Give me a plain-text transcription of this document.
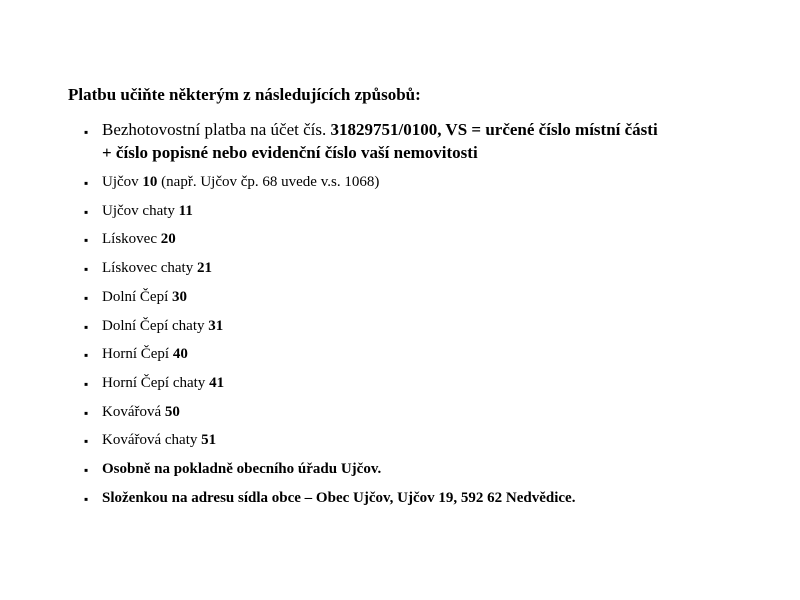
Platbu učiňte některým z následujících způsobů:
▪ Bezhotovostní platba na účet čís. 31829751/0100, VS = určené číslo místní části
+ číslo popisné nebo evidenční číslo vaší nemovitosti
▪ Ujčov 10 (např. Ujčov čp. 68 uvede v.s. 1068)
▪ Ujčov chaty 11
▪ Lískovec 20
▪ Lískovec chaty 21
▪ Dolní Čepí 30
▪ Dolní Čepí chaty 31
▪ Horní Čepí 40
▪ Horní Čepí chaty 41
▪ Kovářová 50
▪ Kovářová chaty 51
▪ Osobně na pokladně obecního úřadu Ujčov.
▪ Složenkou na adresu sídla obce – Obec Ujčov, Ujčov 19, 592 62 Nedvědice.
